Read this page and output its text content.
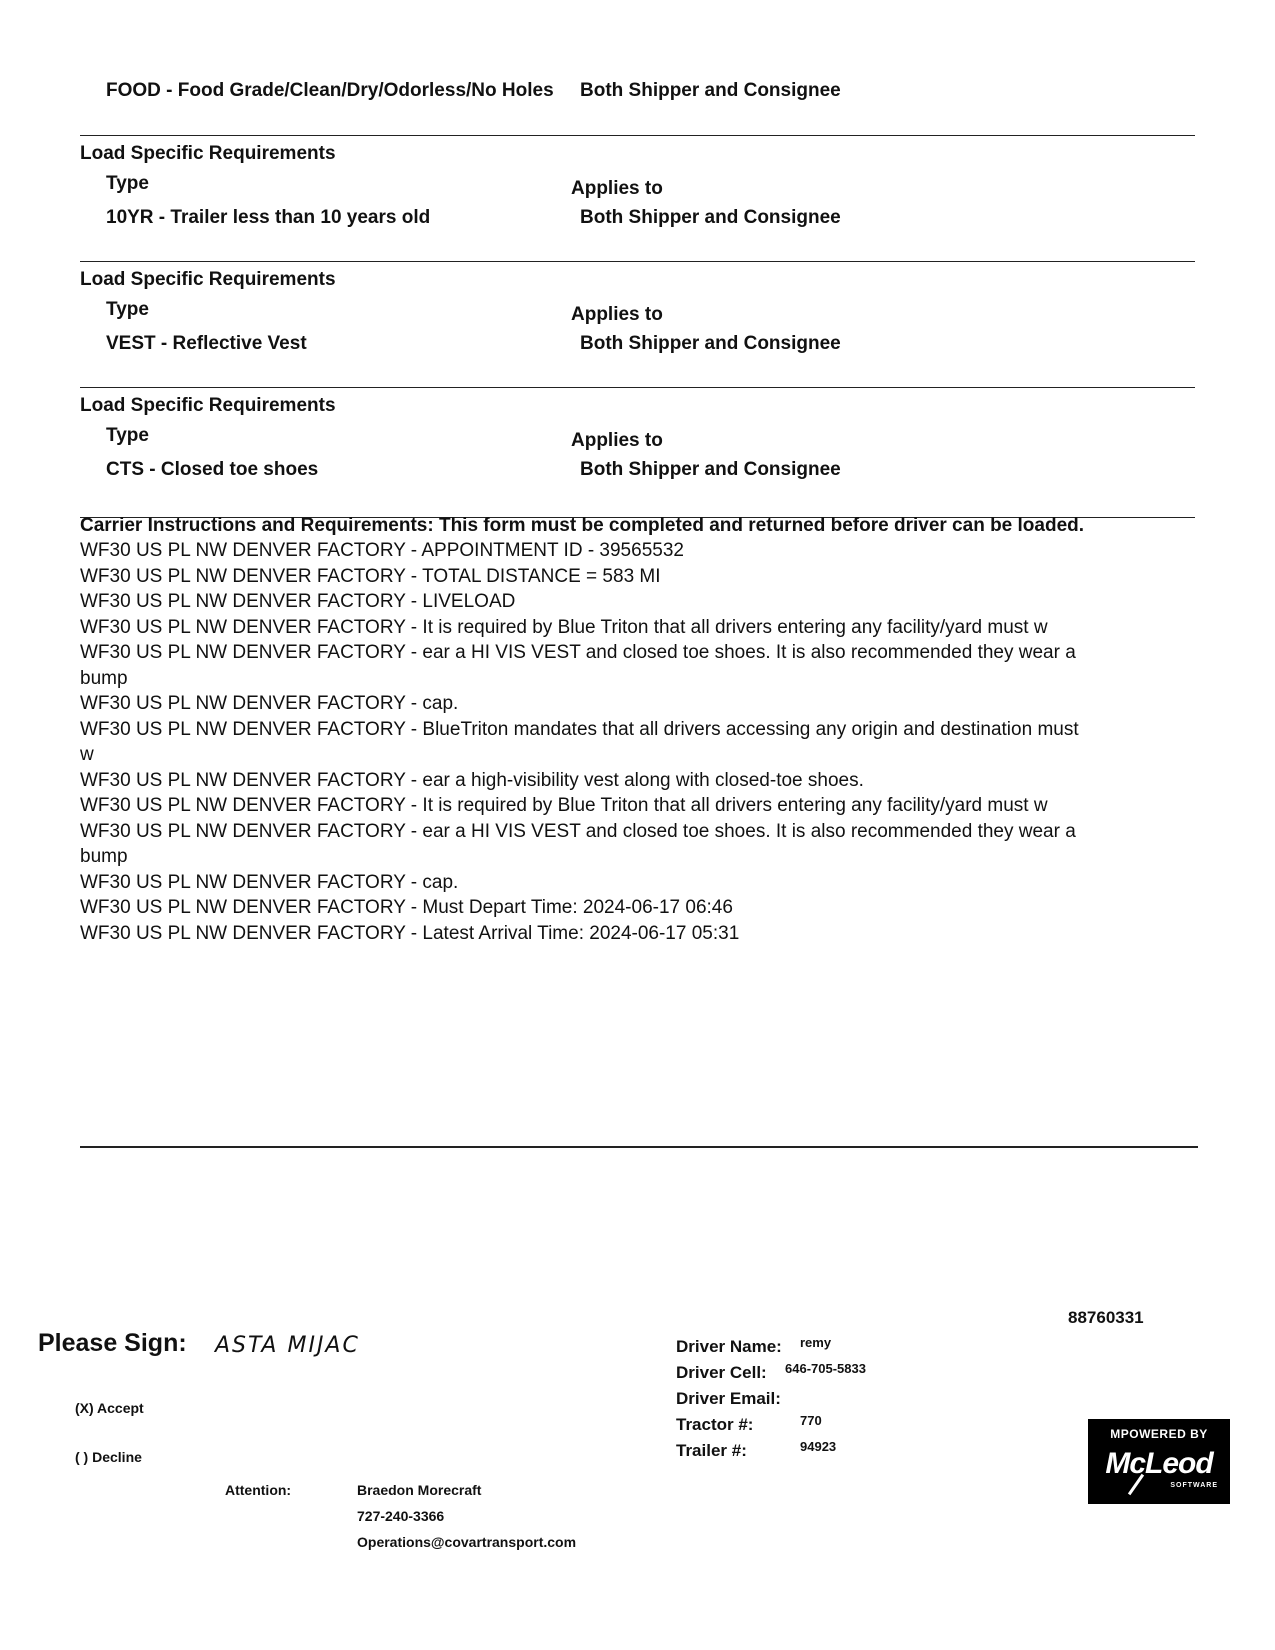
FOOD - Food Grade/Clean/Dry/Odorless/No Holes Both Shipper and Consignee
Load Specific Requirements
Type	Applies to
10YR - Trailer less than 10 years old	Both Shipper and Consignee
Load Specific Requirements
Type	Applies to
VEST - Reflective Vest	Both Shipper and Consignee
Load Specific Requirements
Type	Applies to
CTS - Closed toe shoes	Both Shipper and Consignee
Carrier Instructions and Requirements: This form must be completed and returned before driver can be loaded.
WF30 US PL NW DENVER FACTORY - APPOINTMENT ID - 39565532
WF30 US PL NW DENVER FACTORY - TOTAL DISTANCE = 583 MI
WF30 US PL NW DENVER FACTORY - LIVELOAD
WF30 US PL NW DENVER FACTORY - It is required by Blue Triton that all drivers entering any facility/yard must w
WF30 US PL NW DENVER FACTORY - ear a HI VIS VEST and closed toe shoes. It is also recommended they wear a bump
WF30 US PL NW DENVER FACTORY - cap.
WF30 US PL NW DENVER FACTORY - BlueTriton mandates that all drivers accessing any origin and destination must w
WF30 US PL NW DENVER FACTORY - ear a high-visibility vest along with closed-toe shoes.
WF30 US PL NW DENVER FACTORY - It is required by Blue Triton that all drivers entering any facility/yard must w
WF30 US PL NW DENVER FACTORY - ear a HI VIS VEST and closed toe shoes. It is also recommended they wear a bump
WF30 US PL NW DENVER FACTORY - cap.
WF30 US PL NW DENVER FACTORY - Must Depart Time: 2024-06-17 06:46
WF30 US PL NW DENVER FACTORY - Latest Arrival Time: 2024-06-17 05:31
Please Sign: ASTA MIJAC
(X) Accept
( ) Decline
Attention:	Braedon Morecraft
727-240-3366
Operations@covartransport.com
88760331
Driver Name: remy
Driver Cell: 646-705-5833
Driver Email:
Tractor #:	770
Trailer #:	94923
MPOWERED BY
McLeod
SOFTWARE
